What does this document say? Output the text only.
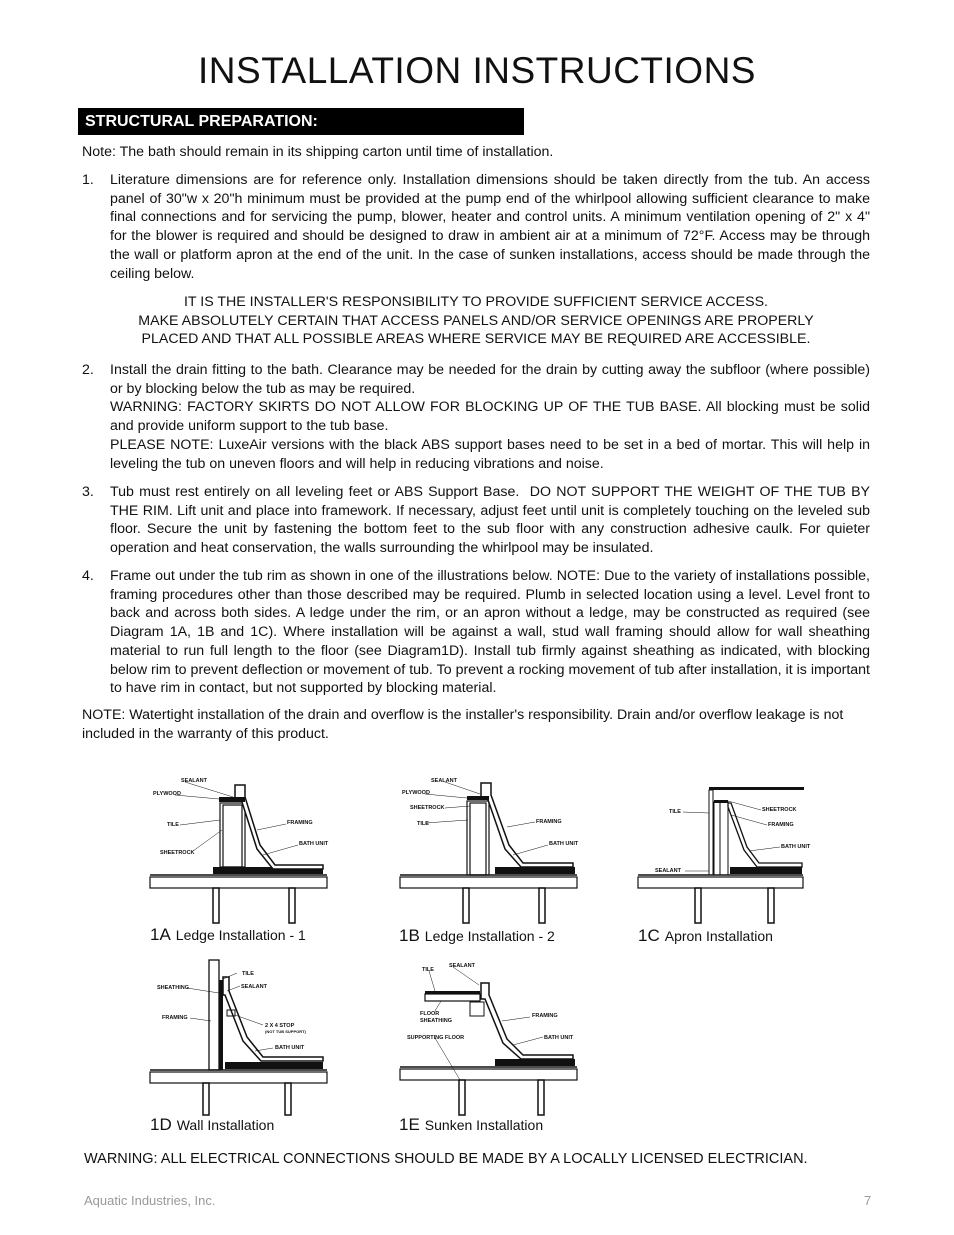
INSTALLATION INSTRUCTIONS
STRUCTURAL PREPARATION:
Note: The bath should remain in its shipping carton until time of installation.
1.	Literature dimensions are for reference only. Installation dimensions should be taken directly from the tub. An access panel of 30"w x 20"h minimum must be provided at the pump end of the whirlpool allowing sufficient clearance to make final connections and for servicing the pump, blower, heater and control units. A minimum ventilation opening of 2" x 4" for the blower is required and should be designed to draw in ambient air at a minimum of 72°F. Access may be through the wall or platform apron at the end of the unit. In the case of sunken installations, access should be made through the ceiling below.
IT IS THE INSTALLER'S RESPONSIBILITY TO PROVIDE SUFFICIENT SERVICE ACCESS.
MAKE ABSOLUTELY CERTAIN THAT ACCESS PANELS AND/OR SERVICE OPENINGS ARE PROPERLY
PLACED AND THAT ALL POSSIBLE AREAS WHERE SERVICE MAY BE REQUIRED ARE ACCESSIBLE.
2.	Install the drain fitting to the bath. Clearance may be needed for the drain by cutting away the subfloor (where possible) or by blocking below the tub as may be required.
WARNING: FACTORY SKIRTS DO NOT ALLOW FOR BLOCKING UP OF THE TUB BASE. All blocking must be solid and provide uniform support to the tub base.
PLEASE NOTE: LuxeAir versions with the black ABS support bases need to be set in a bed of mortar. This will help in leveling the tub on uneven floors and will help in reducing vibrations and noise.
3.	Tub must rest entirely on all leveling feet or ABS Support Base. DO NOT SUPPORT THE WEIGHT OF THE TUB BY THE RIM. Lift unit and place into framework. If necessary, adjust feet until unit is completely touching on the leveled sub floor. Secure the unit by fastening the bottom feet to the sub floor with any construction adhesive caulk. For quieter operation and heat conservation, the walls surrounding the whirlpool may be insulated.
4.	Frame out under the tub rim as shown in one of the illustrations below. NOTE: Due to the variety of installations possible, framing procedures other than those described may be required. Plumb in selected location using a level. Level front to back and across both sides. A ledge under the rim, or an apron without a ledge, may be constructed as required (see Diagram 1A, 1B and 1C). Where installation will be against a wall, stud wall framing should allow for wall sheathing material to run full length to the floor (see Diagram1D). Install tub firmly against sheathing as indicated, with blocking below rim to prevent deflection or movement of tub. To prevent a rocking movement of tub after installation, it is important to have rim in contact, but not supported by blocking material.
NOTE: Watertight installation of the drain and overflow is the installer's responsibility. Drain and/or overflow leakage is not included in the warranty of this product.
SEALANT
PLYWOOD
TILE
SHEETROCK
FRAMING
BATH UNIT
1A Ledge Installation - 1
SEALANT
PLYWOOD
SHEETROCK
TILE	FRAMING
BATH UNIT
1B Ledge Installation - 2
TILE	SHEETROCK
FRAMING
BATH UNIT
SEALANT
1C Apron Installation
TILE
SHEATHING	SEALANT
FRAMING
2 X 4 STOP
(NOT TUB SUPPORT)
BATH UNIT
1D Wall Installation
TILE
SEALANT
FLOOR
SHEATHING
FRAMING
SUPPORTING FLOOR	BATH UNIT
1E Sunken Installation
WARNING: ALL ELECTRICAL CONNECTIONS SHOULD BE MADE BY A LOCALLY LICENSED ELECTRICIAN.
Aquatic Industries, Inc.	7
